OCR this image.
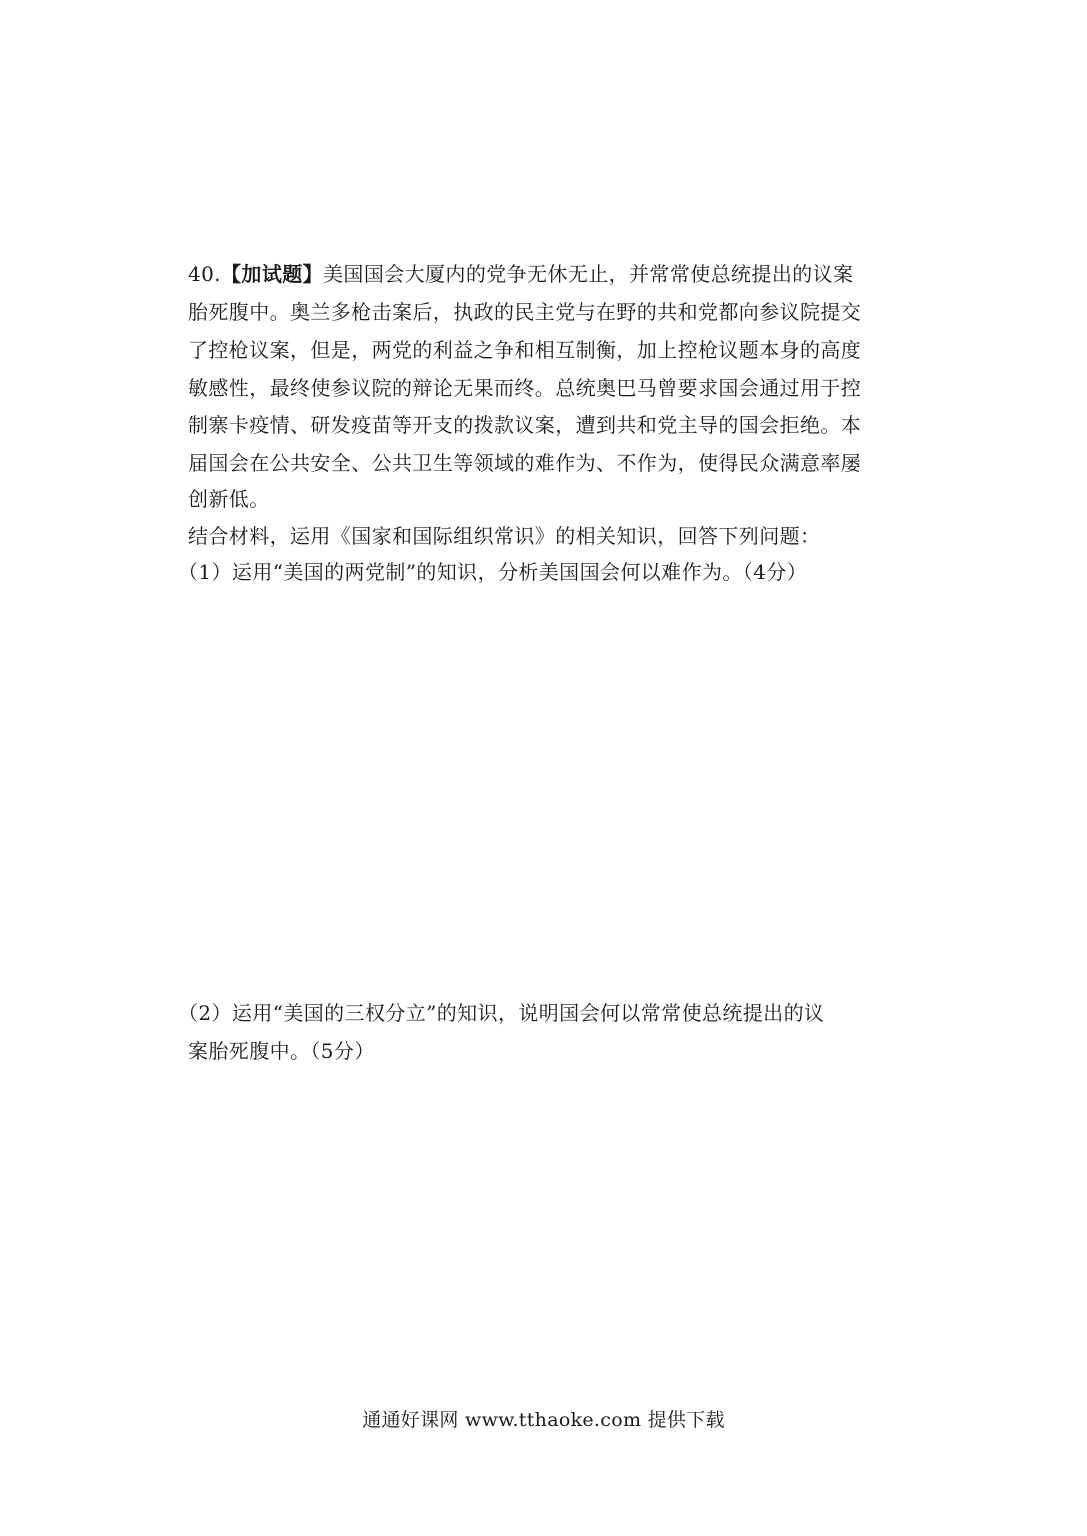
40.【加试题】美国国会大厦内的党争无休无止，并常常使总统提出的议案
胎死腹中。奥兰多枪击案后，执政的民主党与在野的共和党都向参议院提交
了控枪议案，但是，两党的利益之争和相互制衡，加上控枪议题本身的高度
敏感性，最终使参议院的辩论无果而终。总统奥巴马曾要求国会通过用于控
制寨卡疫情、研发疫苗等开支的拨款议案，遭到共和党主导的国会拒绝。本
届国会在公共安全、公共卫生等领域的难作为、不作为，使得民众满意率屡
创新低。
结合材料，运用《国家和国际组织常识》的相关知识，回答下列问题：
（1）运用“美国的两党制”的知识，分析美国国会何以难作为。（4分）
（2）运用“美国的三权分立”的知识，说明国会何以常常使总统提出的议
案胎死腹中。（5分）
通通好课网 www.tthaoke.com 提供下载
